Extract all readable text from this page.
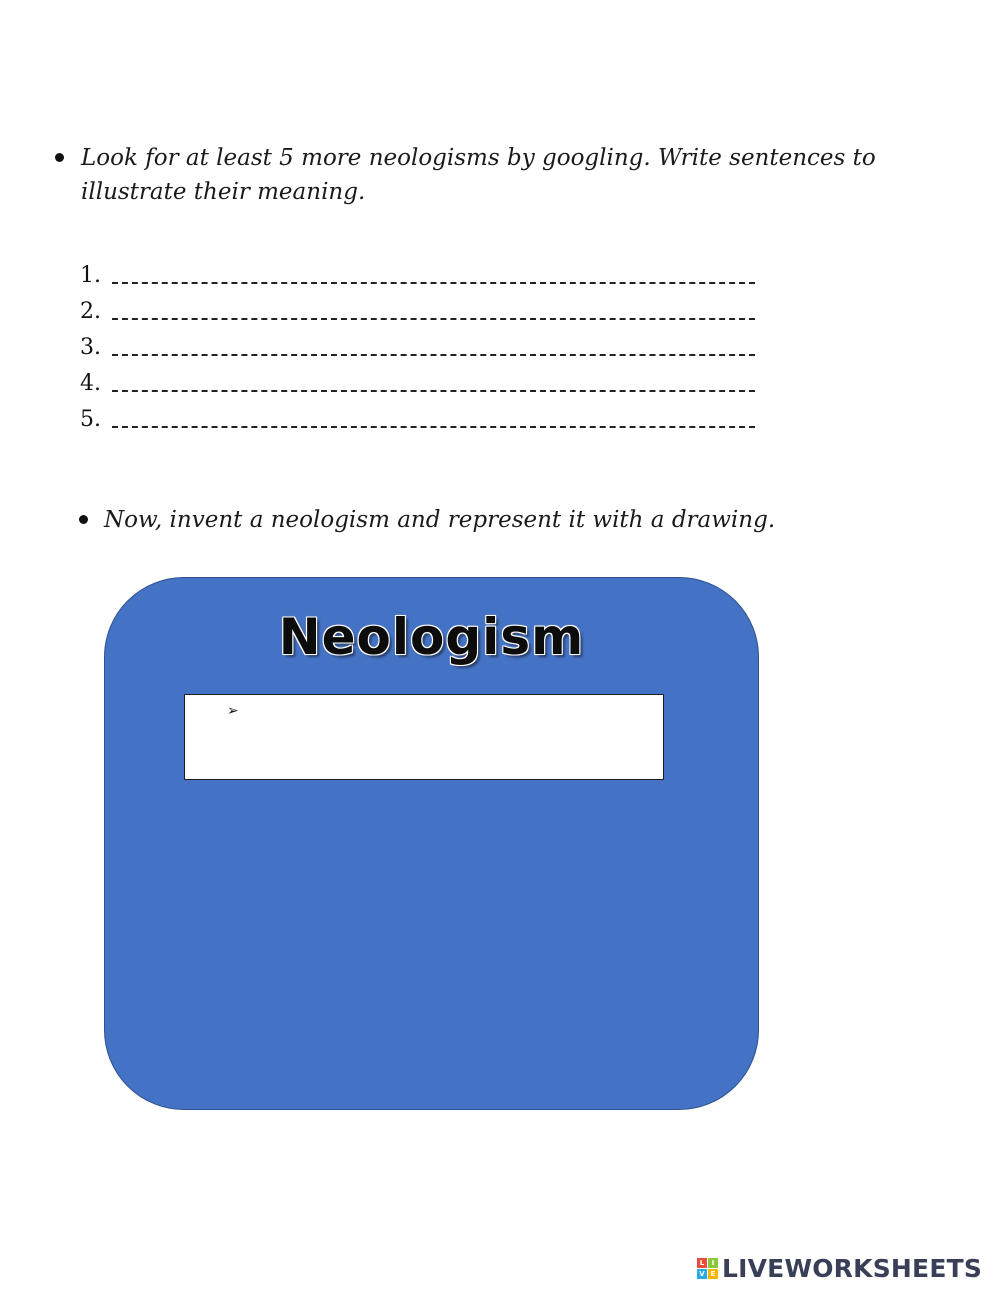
Look for at least 5 more neologisms by googling. Write sentences to illustrate their meaning.
1.
2.
3.
4.
5.
Now, invent a neologism and represent it with a drawing.
Neologism
➢
L	I
V E LIVEWORKSHEETS
